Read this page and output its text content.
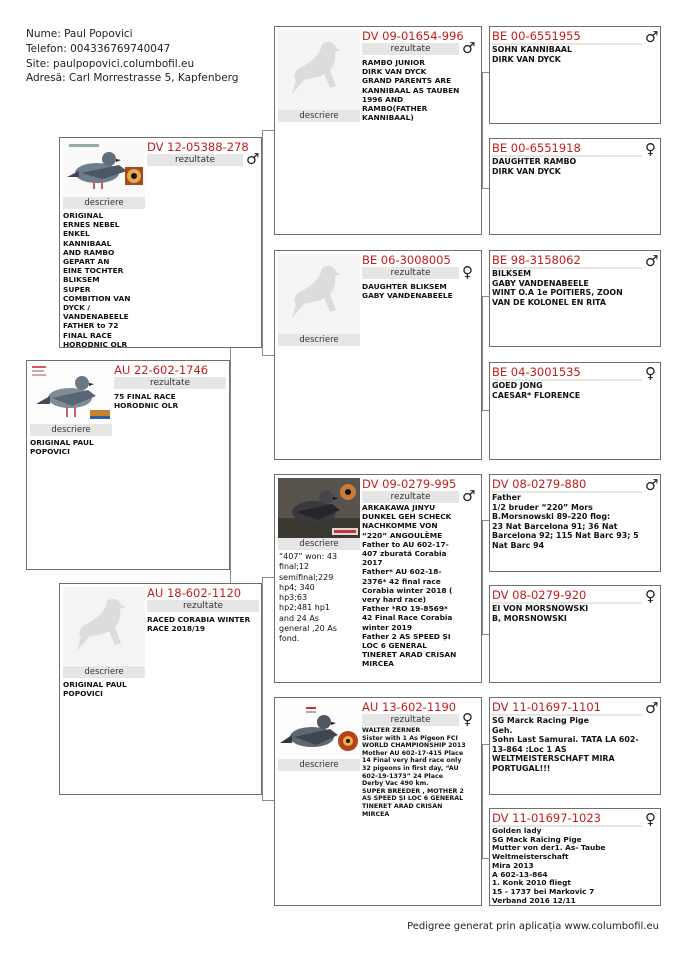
Nume: Paul Popovici
Telefon: 004336769740047
Site: paulpopovici.columbofil.eu
Adresă: Carl Morrestrasse 5, Kapfenberg
DV 12-05388-278
rezultate	♂
descriere
ORIGINAL
ERNES NEBEL
ENKEL
KANNIBAAL
AND RAMBO
GEPART AN
EINE TOCHTER
BLIKSEM
SUPER
COMBITION VAN
DYCK /
VANDENABEELE
FATHER to 72
FINAL RACE
HORODNIC OLR
AU 22-602-1746
rezultate
75 FINAL RACE
HORODNIC OLR
descriere
ORIGINAL PAUL
POPOVICI
AU 18-602-1120
rezultate
RACED CORABIA WINTER
RACE 2018/19
descriere
ORIGINAL PAUL
POPOVICI
descriere
DV 09-01654-996
rezultate	♂
RAMBO JUNIOR
DIRK VAN DYCK
GRAND PARENTS ARE
KANNIBAAL AS TAUBEN
1996 AND
RAMBO(FATHER
KANNIBAAL)
descriere
BE 06-3008005
rezultate	♀
DAUGHTER BLIKSEM
GABY VANDENABEELE
descriere
“407” won: 43
final;12
semifinal;229
hp4; 340
hp3;63
hp2;481 hp1
and 24 As
general ,20 As
fond.
DV 09-0279-995
rezultate	♂
ARKAKAWA JINYU
DUNKEL GEH SCHECK
NACHKOMME VON
“220” ANGOULÊME
Father to AU 602-17-
407 zburată Corabia
2017
Father* AU 602-18-
2376* 42 final race
Corabia winter 2018 (
very hard race)
Father *RO 19-8569*
42 Final Race Corabia
winter 2019
Father 2 AS SPEED ȘI
LOC 6 GENERAL
TINERET ARAD CRISAN
MIRCEA
descriere
AU 13-602-1190
rezultate	♀
WALTER ZERNER
Sister with 1 As Pigeon FCI
WORLD CHAMPIONSHIP 2013
Mother AU 602-17-415 Place
14 Final very hard race only
32 pigeons in first day, “AU
602-19-1373” 24 Place
Derby Vac 490 km.
SUPER BREEDER , MOTHER 2
AS SPEED ȘI LOC 6 GENERAL
TINERET ARAD CRISAN
MIRCEA
BE 00-6551955	♂
SOHN KANNIBAAL
DIRK VAN DYCK
BE 00-6551918	♀
DAUGHTER RAMBO
DIRK VAN DYCK
BE 98-3158062	♂
BILKSEM
GABY VANDENABEELE
WINT O.A 1e POITIERS, ZOON
VAN DE KOLONEL EN RITA
BE 04-3001535	♀
GOED JONG
CAESAR* FLORENCE
DV 08-0279-880	♂
Father
1/2 bruder “220” Mors
B.Morsnowski 89-220 flog:
23 Nat Barcelona 91; 36 Nat
Barcelona 92; 115 Nat Barc 93; 5
Nat Barc 94
DV 08-0279-920	♀
EI VON MORSNOWSKI
B, MORSNOWSKI
DV 11-01697-1101	♂
SG Marck Racing Pige
Geh.
Sohn Last Samurai. TATA LA 602-
13-864 :Loc 1 AS
WELTMEISTERSCHAFT MIRA
PORTUGAL!!!
DV 11-01697-1023	♀
Golden lady
SG Mack Raicing Pige
Mutter von der1. As- Taube
Weltmeisterschaft
Mira 2013
A 602-13-864
1. Konk 2010 fliegt
15 - 1737 bei Markovic 7
Verband 2016 12/11
Pedigree generat prin aplicația www.columbofil.eu
